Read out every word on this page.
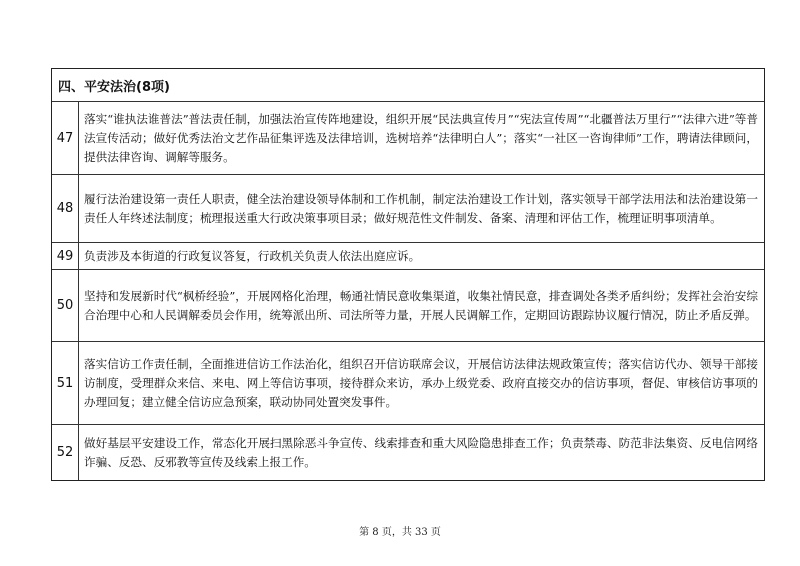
四、平安法治(8项)
47
落实“谁执法谁普法”普法责任制，加强法治宣传阵地建设，组织开展“民法典宣传月”“宪法宣传周”“北疆普法万里行”“法律六进”等普法宣传活动；做好优秀法治文艺作品征集评选及法律培训，选树培养“法律明白人”；落实“一社区一咨询律师”工作，聘请法律顾问，提供法律咨询、调解等服务。
48
履行法治建设第一责任人职责，健全法治建设领导体制和工作机制，制定法治建设工作计划，落实领导干部学法用法和法治建设第一责任人年终述法制度；梳理报送重大行政决策事项目录；做好规范性文件制发、备案、清理和评估工作，梳理证明事项清单。
49 负责涉及本街道的行政复议答复，行政机关负责人依法出庭应诉。
50
坚持和发展新时代“枫桥经验”，开展网格化治理，畅通社情民意收集渠道，收集社情民意，排查调处各类矛盾纠纷；发挥社会治安综合治理中心和人民调解委员会作用，统筹派出所、司法所等力量，开展人民调解工作，定期回访跟踪协议履行情况，防止矛盾反弹。
51
落实信访工作责任制，全面推进信访工作法治化，组织召开信访联席会议，开展信访法律法规政策宣传；落实信访代办、领导干部接访制度，受理群众来信、来电、网上等信访事项，接待群众来访，承办上级党委、政府直接交办的信访事项，督促、审核信访事项的办理回复；建立健全信访应急预案，联动协同处置突发事件。
52
做好基层平安建设工作，常态化开展扫黑除恶斗争宣传、线索排查和重大风险隐患排查工作；负责禁毒、防范非法集资、反电信网络诈骗、反恐、反邪教等宣传及线索上报工作。
第 8 页，共 33 页
